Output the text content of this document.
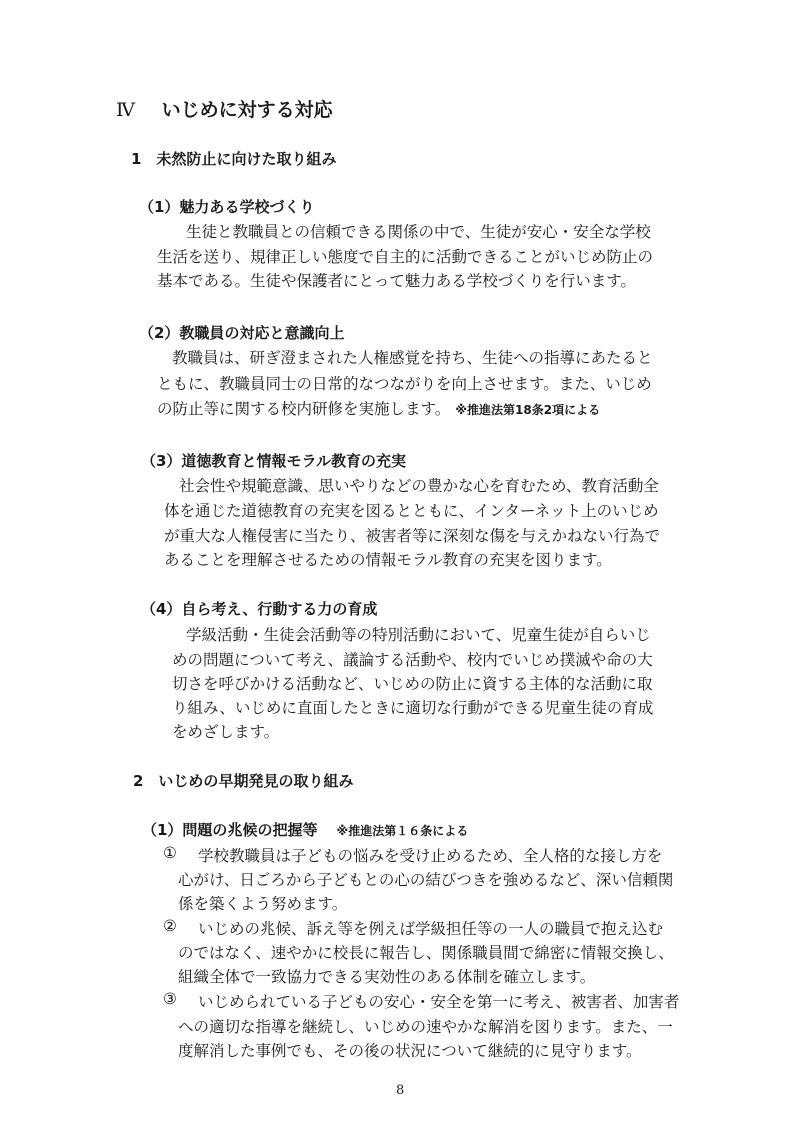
Ⅳ いじめに対する対応
1　未然防止に向けた取り組み
（1）魅力ある学校づくり
生徒と教職員との信頼できる関係の中で、生徒が安心・安全な学校
生活を送り、規律正しい態度で自主的に活動できることがいじめ防止の
基本である。生徒や保護者にとって魅力ある学校づくりを行います。
（2）教職員の対応と意識向上
教職員は、研ぎ澄まされた人権感覚を持ち、生徒への指導にあたると
ともに、教職員同士の日常的なつながりを向上させます。また、いじめ
の防止等に関する校内研修を実施します。 ※推進法第18条2項による
（3）道徳教育と情報モラル教育の充実
社会性や規範意識、思いやりなどの豊かな心を育むため、教育活動全
体を通じた道徳教育の充実を図るとともに、インターネット上のいじめ
が重大な人権侵害に当たり、被害者等に深刻な傷を与えかねない行為で
あることを理解させるための情報モラル教育の充実を図ります。
（4）自ら考え、行動する力の育成
学級活動・生徒会活動等の特別活動において、児童生徒が自らいじ
めの問題について考え、議論する活動や、校内でいじめ撲滅や命の大
切さを呼びかける活動など、いじめの防止に資する主体的な活動に取
り組み、いじめに直面したときに適切な行動ができる児童生徒の育成
をめざします。
2　いじめの早期発見の取り組み
（1）問題の兆候の把握等 ※推進法第１６条による
① 学校教職員は子どもの悩みを受け止めるため、全人格的な接し方を
心がけ、日ごろから子どもとの心の結びつきを強めるなど、深い信頼関
係を築くよう努めます。
② いじめの兆候、訴え等を例えば学級担任等の一人の職員で抱え込む
のではなく、速やかに校長に報告し、関係職員間で綿密に情報交換し、
組織全体で一致協力できる実効性のある体制を確立します。
③ いじめられている子どもの安心・安全を第一に考え、被害者、加害者
への適切な指導を継続し、いじめの速やかな解消を図ります。また、一
度解消した事例でも、その後の状況について継続的に見守ります。
8
